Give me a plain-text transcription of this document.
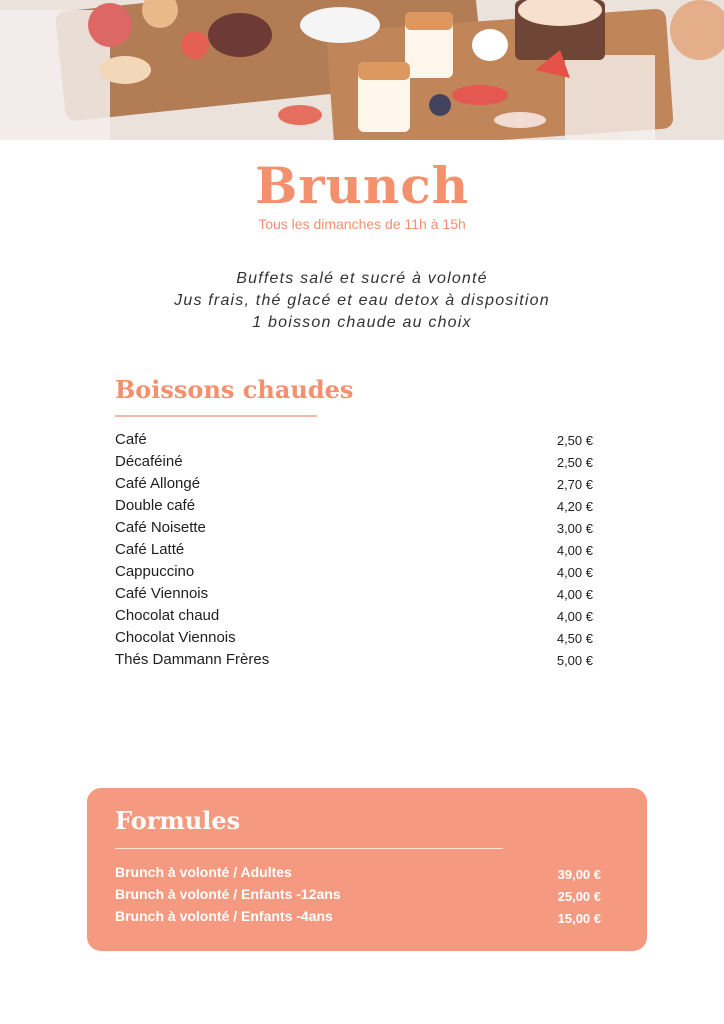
Brunch
Tous les dimanches de 11h à 15h
Buffets salé et sucré à volonté
Jus frais, thé glacé et eau detox à disposition
1 boisson chaude au choix
Boissons chaudes
Café	2,50 €
Décaféiné	2,50 €
Café Allongé	2,70 €
Double café	4,20 €
Café Noisette	3,00 €
Café Latté	4,00 €
Cappuccino	4,00 €
Café Viennois	4,00 €
Chocolat chaud	4,00 €
Chocolat Viennois	4,50 €
Thés Dammann Frères	5,00 €
Formules
Brunch à volonté / Adultes	39,00 €
Brunch à volonté / Enfants -12ans	25,00 €
Brunch à volonté / Enfants -4ans	15,00 €
